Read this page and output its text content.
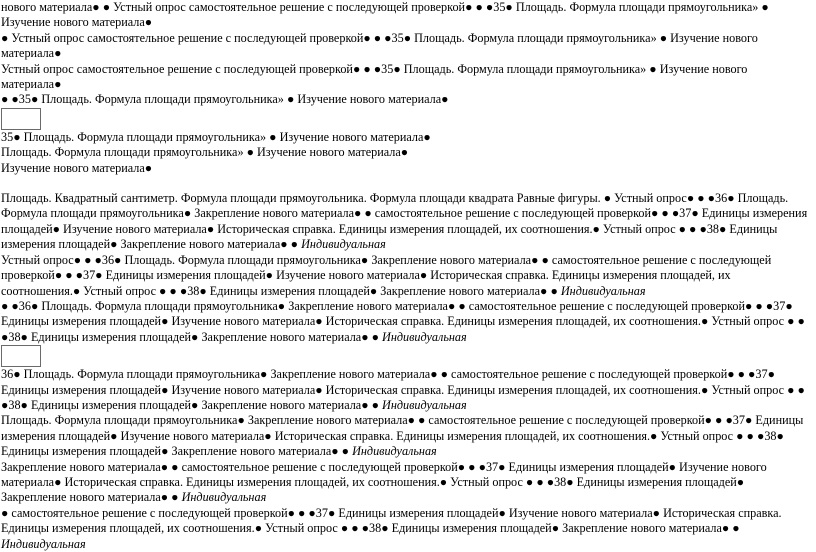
нового материала● ● Устный опрос самостоятельное решение с последующей проверкой● ● ●35● Площадь. Формула площади прямоугольника» ● Изучение нового материала●

● Устный опрос самостоятельное решение с последующей проверкой● ● ●35● Площадь. Формула площади прямоугольника» ● Изучение нового материала●

Устный опрос самостоятельное решение с последующей проверкой● ● ●35● Площадь. Формула площади прямоугольника» ● Изучение нового материала●

● ●35● Площадь. Формула площади прямоугольника» ● Изучение нового материала●

35● Площадь. Формула площади прямоугольника» ● Изучение нового материала●

Площадь. Формула площади прямоугольника» ● Изучение нового материала●

Изучение нового материала●

Площадь. Квадратный сантиметр. Формула площади прямоугольника. Формула площади квадрата Равные фигуры. ● Устный опрос● ● ●36● Площадь. Формула площади прямоугольника● Закрепление нового материала● ● самостоятельное решение с последующей проверкой● ● ●37● Единицы измерения площадей● Изучение нового материала● Историческая справка. Единицы измерения площадей, их соотношения.● Устный опрос ● ● ●38● Единицы измерения площадей● Закрепление нового материала● ● Индивидуальная

Устный опрос● ● ●36● Площадь. Формула площади прямоугольника● Закрепление нового материала● ● самостоятельное решение с последующей проверкой● ● ●37● Единицы измерения площадей● Изучение нового материала● Историческая справка. Единицы измерения площадей, их соотношения.● Устный опрос ● ● ●38● Единицы измерения площадей● Закрепление нового материала● ● Индивидуальная

● ●36● Площадь. Формула площади прямоугольника● Закрепление нового материала● ● самостоятельное решение с последующей проверкой● ● ●37● Единицы измерения площадей● Изучение нового материала● Историческая справка. Единицы измерения площадей, их соотношения.● Устный опрос ● ● ●38● Единицы измерения площадей● Закрепление нового материала● ● Индивидуальная

36● Площадь. Формула площади прямоугольника● Закрепление нового материала● ● самостоятельное решение с последующей проверкой● ● ●37● Единицы измерения площадей● Изучение нового материала● Историческая справка. Единицы измерения площадей, их соотношения.● Устный опрос ● ● ●38● Единицы измерения площадей● Закрепление нового материала● ● Индивидуальная

Площадь. Формула площади прямоугольника● Закрепление нового материала● ● самостоятельное решение с последующей проверкой● ● ●37● Единицы измерения площадей● Изучение нового материала● Историческая справка. Единицы измерения площадей, их соотношения.● Устный опрос ● ● ●38● Единицы измерения площадей● Закрепление нового материала● ● Индивидуальная

Закрепление нового материала● ● самостоятельное решение с последующей проверкой● ● ●37● Единицы измерения площадей● Изучение нового материала● Историческая справка. Единицы измерения площадей, их соотношения.● Устный опрос ● ● ●38● Единицы измерения площадей● Закрепление нового материала● ● Индивидуальная

● самостоятельное решение с последующей проверкой● ● ●37● Единицы измерения площадей● Изучение нового материала● Историческая справка. Единицы измерения площадей, их соотношения.● Устный опрос ● ● ●38● Единицы измерения площадей● Закрепление нового материала● ● Индивидуальная
